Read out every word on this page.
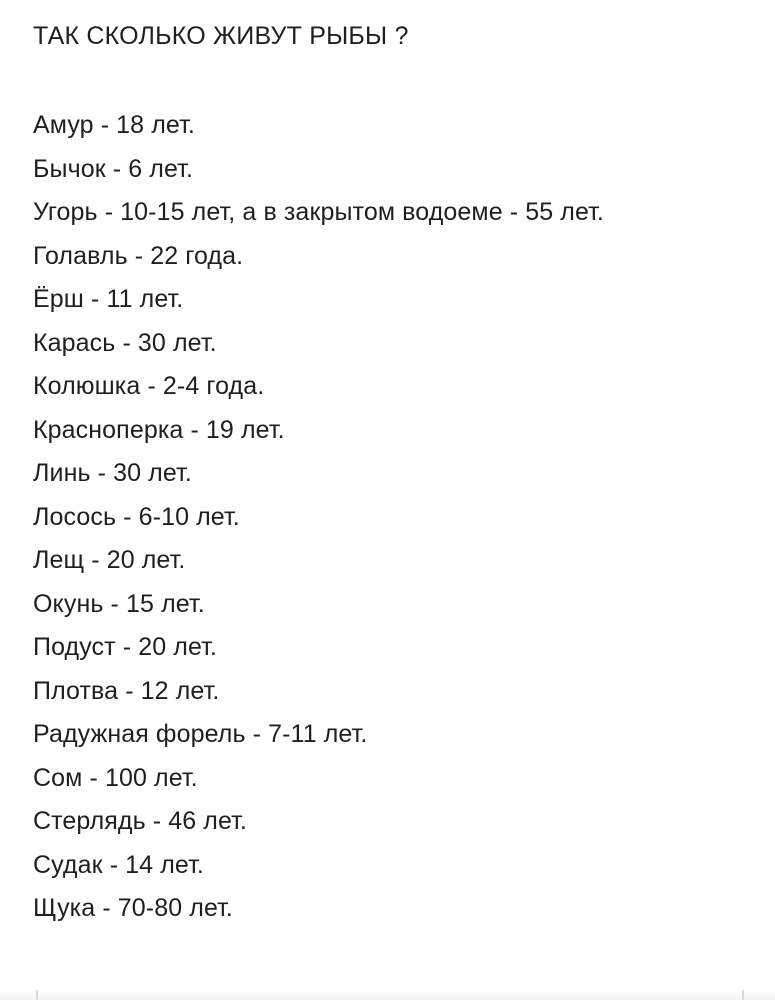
ТАК СКОЛЬКО ЖИВУТ РЫБЫ ?
Амур - 18 лет.
Бычок - 6 лет.
Угорь - 10-15 лет, а в закрытом водоеме - 55 лет.
Голавль - 22 года.
Ёрш - 11 лет.
Карась - 30 лет.
Колюшка - 2-4 года.
Красноперка - 19 лет.
Линь - 30 лет.
Лосось - 6-10 лет.
Лещ - 20 лет.
Окунь - 15 лет.
Подуст - 20 лет.
Плотва - 12 лет.
Радужная форель - 7-11 лет.
Сом - 100 лет.
Стерлядь - 46 лет.
Судак - 14 лет.
Щука - 70-80 лет.
